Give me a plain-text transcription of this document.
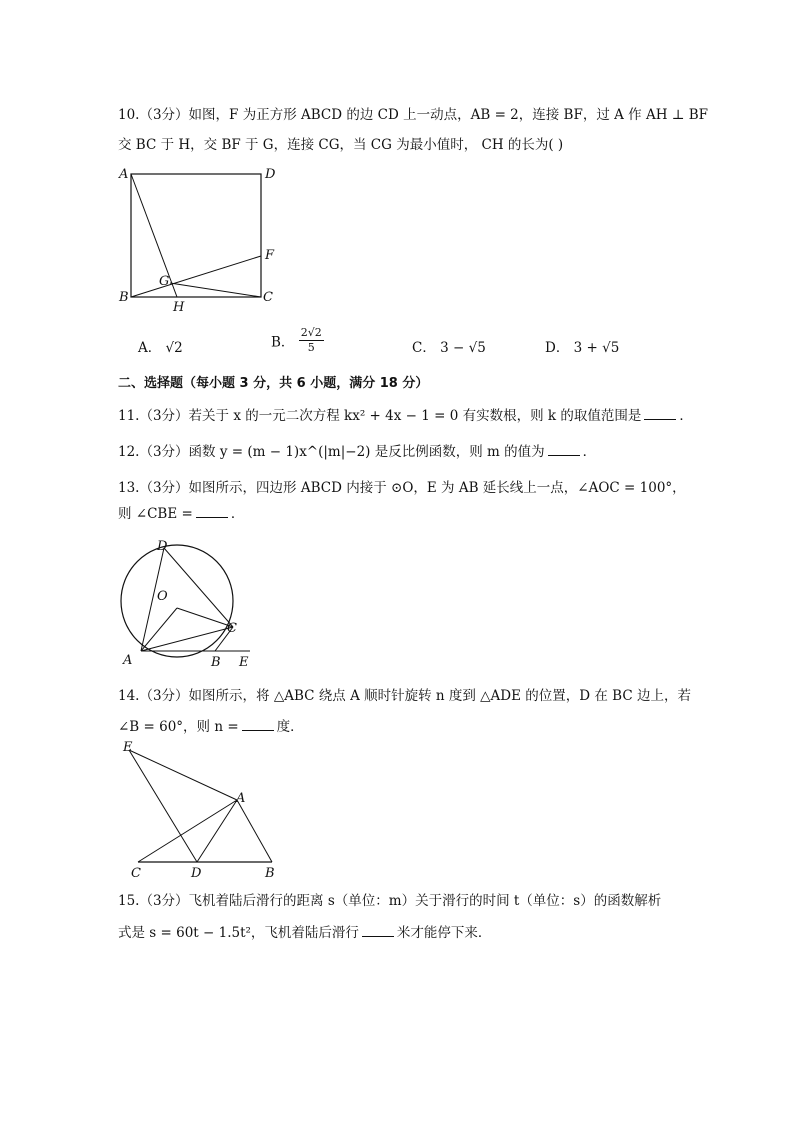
10.（3分）如图，F 为正方形 ABCD 的边 CD 上一动点，AB = 2，连接 BF，过 A 作 AH ⊥ BF
交 BC 于 H，交 BF 于 G，连接 CG，当 CG 为最小值时， CH 的长为( )
A	D
F
G
B
H
C
A． √2	B． $\frac{2√2}{5}$	C． 3 − √5	D． 3 + √5
二、选择题（每小题 3 分，共 6 小题，满分 18 分）
11.（3分）若关于 x 的一元二次方程 kx² + 4x − 1 = 0 有实数根，则 k 的取值范围是	．
12.（3分）函数 y = (m − 1)x^(|m|−2) 是反比例函数，则 m 的值为	．
13.（3分）如图所示，四边形 ABCD 内接于 ⊙O，E 为 AB 延长线上一点，∠AOC = 100°，
则 ∠CBE =	．
D
O
C
A	B E
14.（3分）如图所示，将 △ABC 绕点 A 顺时针旋转 n 度到 △ADE 的位置，D 在 BC 边上，若
∠B = 60°，则 n =	度．
E
A
C	D	B
15.（3分）飞机着陆后滑行的距离 s（单位：m）关于滑行的时间 t（单位：s）的函数解析
式是 s = 60t − 1.5t²，飞机着陆后滑行	米才能停下来．
